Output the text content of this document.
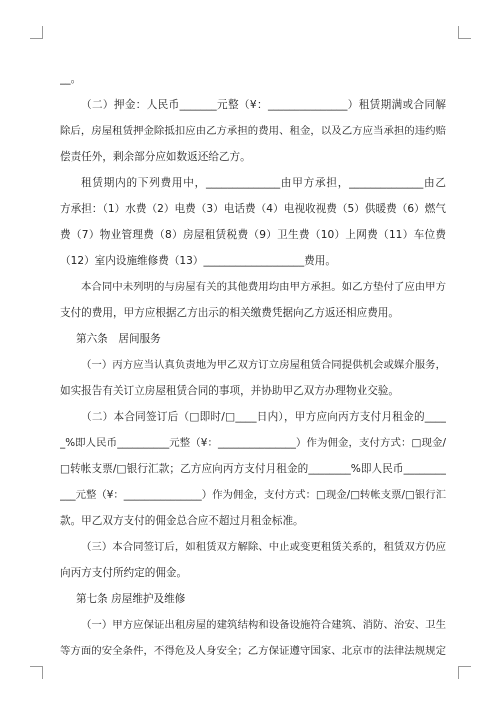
__。
（二）押金：人民币_______元整（¥：_______________）租赁期满或合同解
除后，房屋租赁押金除抵扣应由乙方承担的费用、租金，以及乙方应当承担的违约赔
偿责任外，剩余部分应如数返还给乙方。
租赁期内的下列费用中，______________由甲方承担，______________由乙
方承担：（1）水费（2）电费（3）电话费（4）电视收视费（5）供暖费（6）燃气
费（7）物业管理费（8）房屋租赁税费（9）卫生费（10）上网费（11）车位费
（12）室内设施维修费（13）___________________费用。
本合同中未列明的与房屋有关的其他费用均由甲方承担。如乙方垫付了应由甲方
支付的费用，甲方应根据乙方出示的相关缴费凭据向乙方返还相应费用。
第六条　居间服务
（一）丙方应当认真负责地为甲乙双方订立房屋租赁合同提供机会或媒介服务，
如实报告有关订立房屋租赁合同的事项，并协助甲乙双方办理物业交验。
（二）本合同签订后（□即时/□____日内），甲方应向丙方支付月租金的____
_%即人民币__________元整（¥：_______________）作为佣金，支付方式：□现金/
□转帐支票/□银行汇款；乙方应向丙方支付月租金的________%即人民币________
___元整（¥：_______________）作为佣金，支付方式：□现金/□转帐支票/□银行汇
款。甲乙双方支付的佣金总合应不超过月租金标准。
（三）本合同签订后，如租赁双方解除、中止或变更租赁关系的，租赁双方仍应
向丙方支付所约定的佣金。
第七条 房屋维护及维修
（一）甲方应保证出租房屋的建筑结构和设备设施符合建筑、消防、治安、卫生
等方面的安全条件，不得危及人身安全；乙方保证遵守国家、北京市的法律法规规定
